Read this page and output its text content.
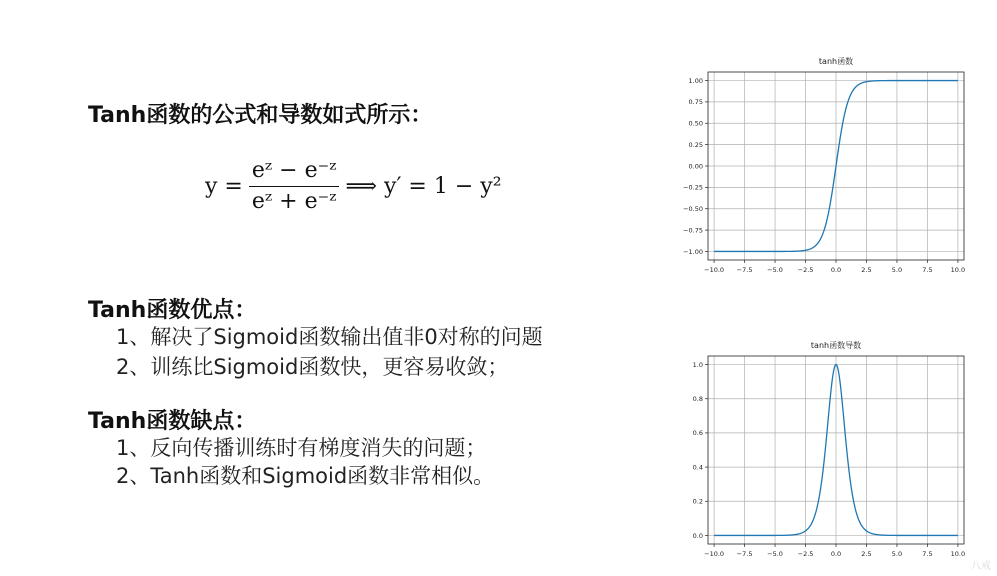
Tanh函数的公式和导数如式所示：
$y = \frac{\text{eᶻ − e⁻ᶻ}}{\text{eᶻ + e⁻ᶻ}}$ ⟹ y′ = 1 − y²
Tanh函数优点：
1、解决了Sigmoid函数输出值非0对称的问题
2、训练比Sigmoid函数快，更容易收敛；
Tanh函数缺点：
1、反向传播训练时有梯度消失的问题；
2、Tanh函数和Sigmoid函数非常相似。
tanh函数
−10.0 −7.5 −5.0 −2.5	0.0	2.5	5.0	7.5	10.0
−1.00
−0.75
−0.50
−0.25
0.00
0.25
0.50
0.75
1.00
tanh函数导数
−10.0 −7.5 −5.0 −2.5	0.0	2.5	5.0	7.5	10.0
0.0
0.2
0.4
0.6
0.8
1.0
八戒
